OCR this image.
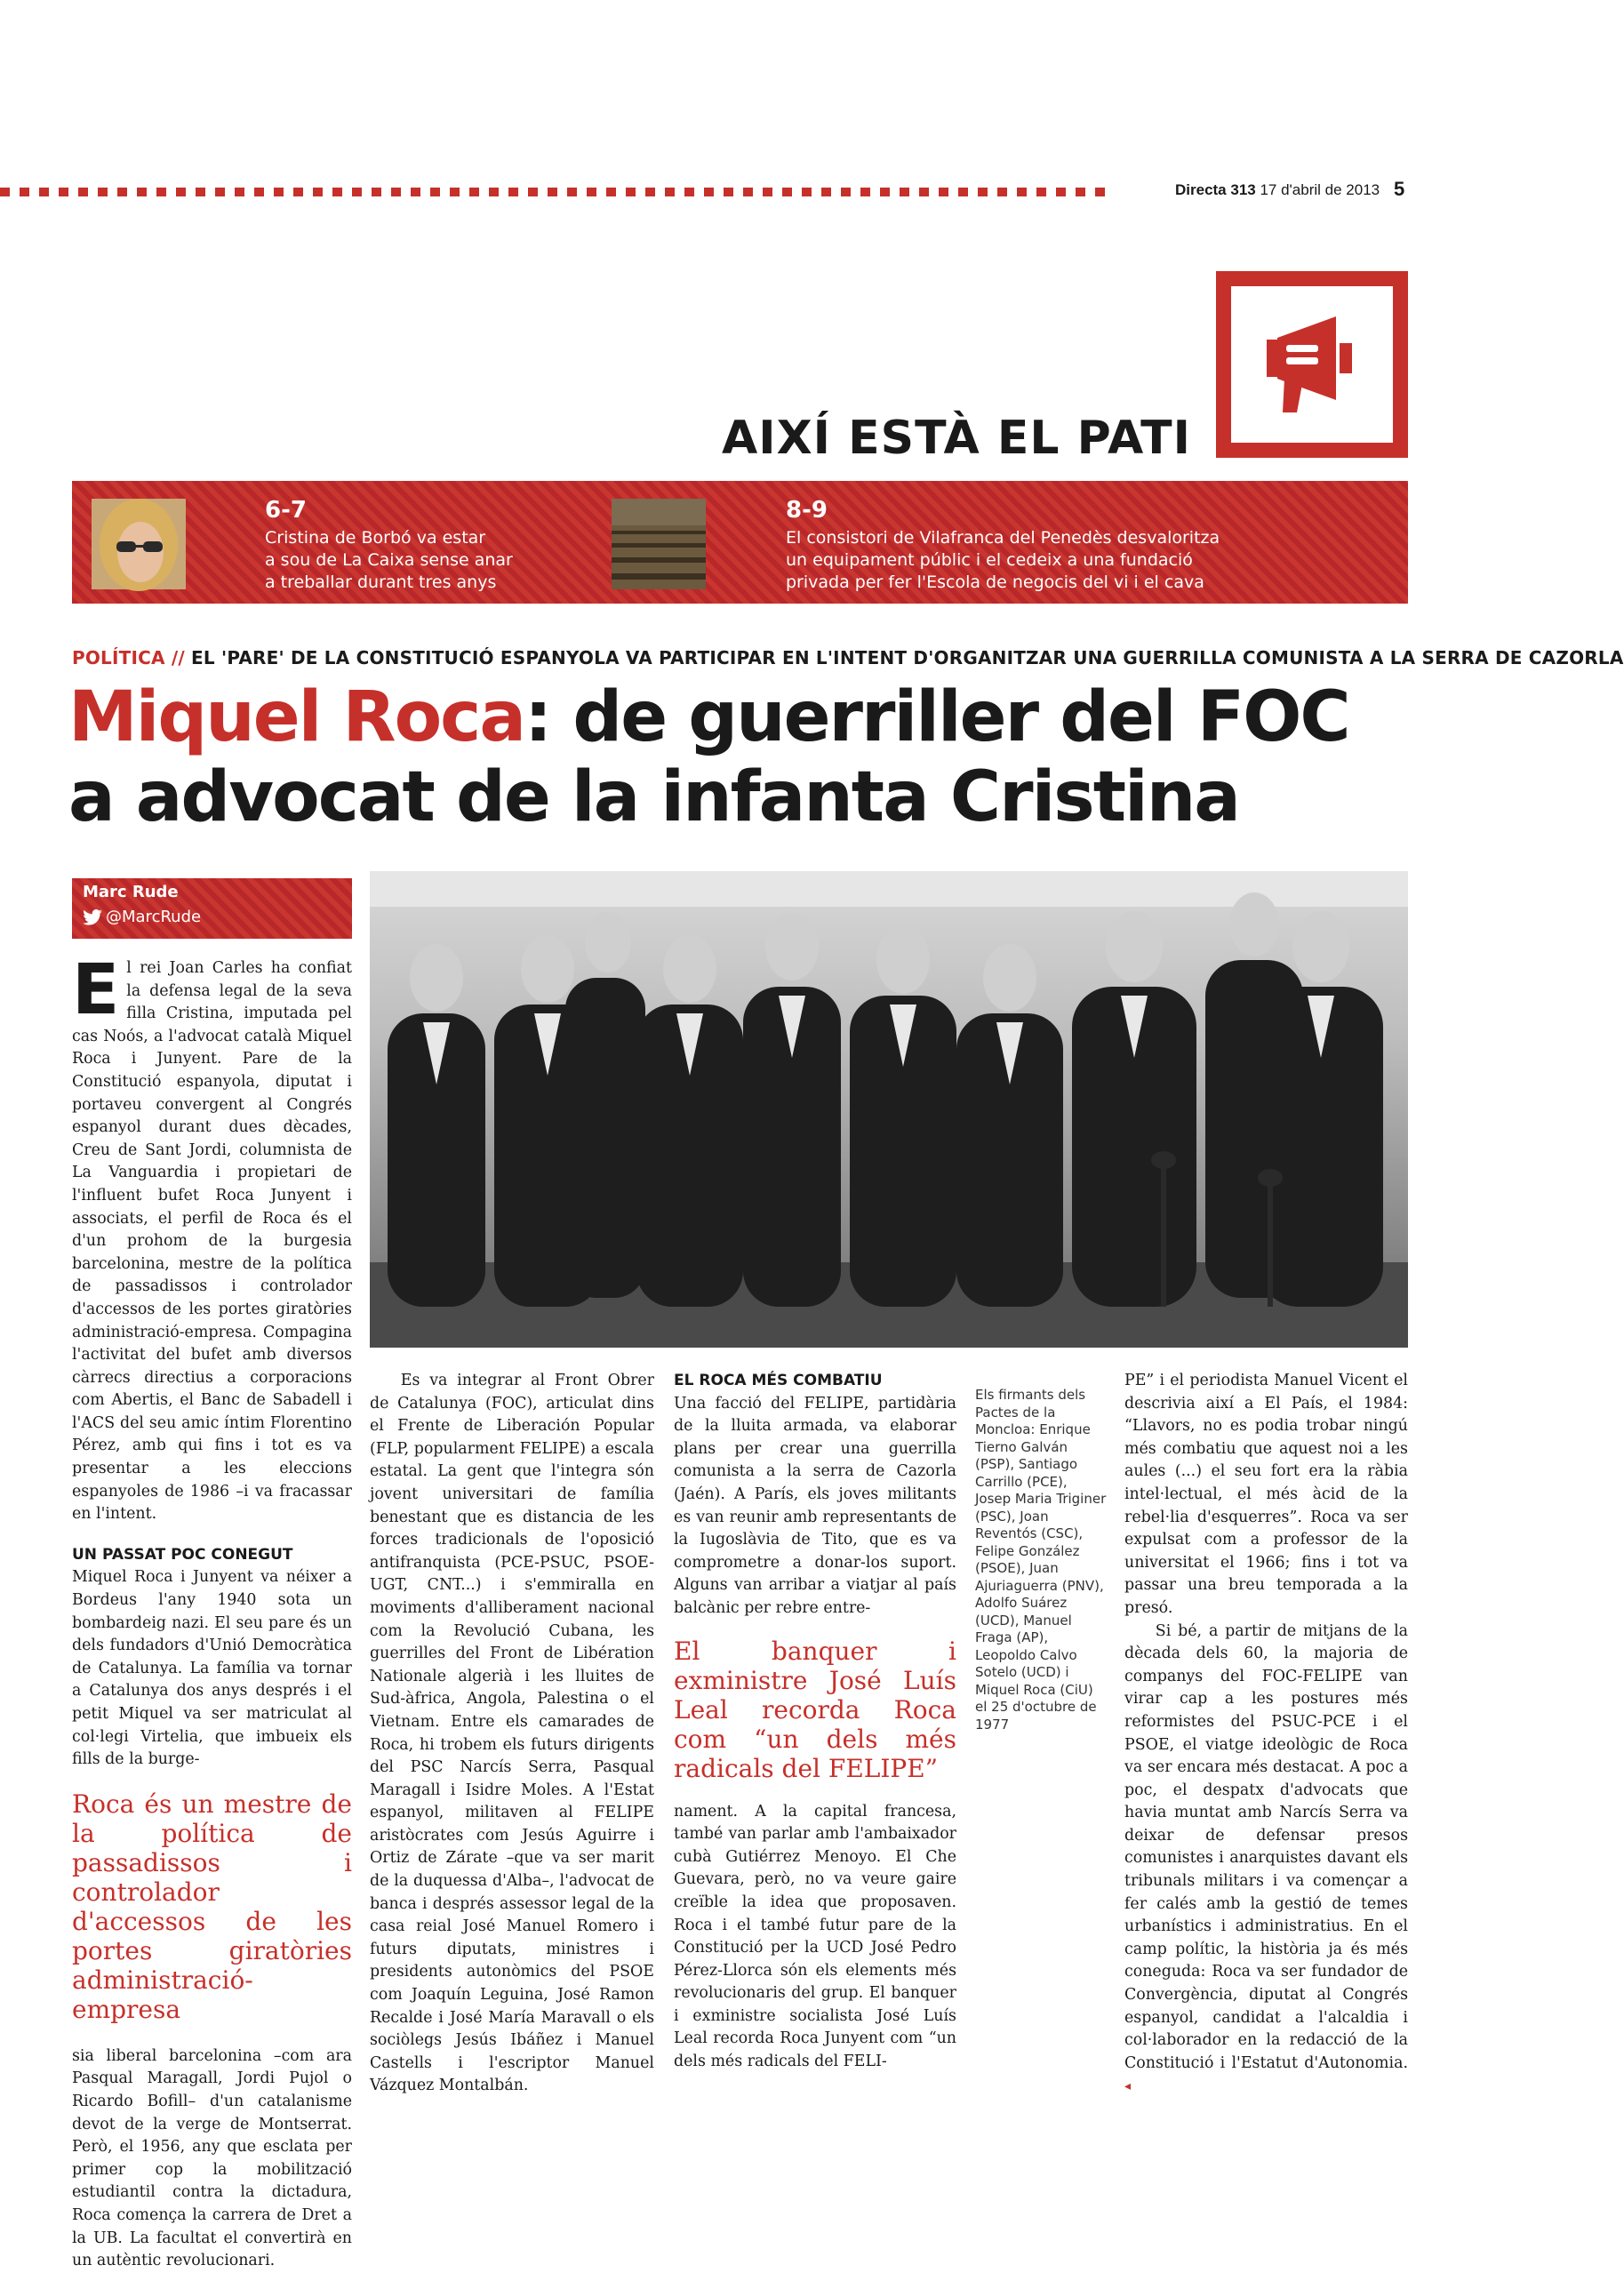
Directa 313 17 d'abril de 2013 5
AIXÍ ESTÀ EL PATI
6-7
Cristina de Borbó va estar
a sou de La Caixa sense anar
a treballar durant tres anys
8-9
El consistori de Vilafranca del Penedès desvaloritza
un equipament públic i el cedeix a una fundació
privada per fer l'Escola de negocis del vi i el cava
POLÍTICA // EL 'PARE' DE LA CONSTITUCIÓ ESPANYOLA VA PARTICIPAR EN L'INTENT D'ORGANITZAR UNA GUERRILLA COMUNISTA A LA SERRA DE CAZORLA
Miquel Roca: de guerriller del FOC
a advocat de la infanta Cristina
Marc Rude
@MarcRude

El rei Joan Carles ha confiat la defensa legal de la seva filla Cristina, imputada pel cas Noós, a l'advocat català Miquel Roca i Junyent. Pare de la Constitució espanyola, diputat i portaveu convergent al Congrés espanyol durant dues dècades, Creu de Sant Jordi, columnista de La Vanguardia i propietari de l'influent bufet Roca Junyent i associats, el perfil de Roca és el d'un prohom de la burgesia barcelonina, mestre de la política de passadissos i controlador d'accessos de les portes giratòries administració-empresa. Compagina l'activitat del bufet amb diversos càrrecs directius a corporacions com Abertis, el Banc de Sabadell i l'ACS del seu amic íntim Florentino Pérez, amb qui fins i tot es va presentar a les eleccions espanyoles de 1986 –i va fracassar en l'intent.

UN PASSAT POC CONEGUT

Miquel Roca i Junyent va néixer a Bordeus l'any 1940 sota un bombardeig nazi. El seu pare és un dels fundadors d'Unió Democràtica de Catalunya. La família va tornar a Catalunya dos anys després i el petit Miquel va ser matriculat al col·legi Virtelia, que imbueix els fills de la burge-

Roca és un mestre de la política de passadissos i controlador d'accessos de les portes giratòries administració-empresa

sia liberal barcelonina –com ara Pasqual Maragall, Jordi Pujol o Ricardo Bofill– d'un catalanisme devot de la verge de Montserrat. Però, el 1956, any que esclata per primer cop la mobilització estudiantil contra la dictadura, Roca comença la carrera de Dret a la UB. La facultat el convertirà en un autèntic revolucionari.

Es va integrar al Front Obrer de Catalunya (FOC), articulat dins el Frente de Liberación Popular (FLP, popularment FELIPE) a escala estatal. La gent que l'integra són jovent universitari de família benestant que es distancia de les forces tradicionals de l'oposició antifranquista (PCE-PSUC, PSOE-UGT, CNT...) i s'emmiralla en moviments d'alliberament nacional com la Revolució Cubana, les guerrilles del Front de Libération Nationale algerià i les lluites de Sud-àfrica, Angola, Palestina o el Vietnam. Entre els camarades de Roca, hi trobem els futurs dirigents del PSC Narcís Serra, Pasqual Maragall i Isidre Moles. A l'Estat espanyol, militaven al FELIPE aristòcrates com Jesús Aguirre i Ortiz de Zárate –que va ser marit de la duquessa d'Alba–, l'advocat de banca i després assessor legal de la casa reial José Manuel Romero i futurs diputats, ministres i presidents autonòmics del PSOE com Joaquín Leguina, José Ramon Recalde i José María Maravall o els sociòlegs Jesús Ibáñez i Manuel Castells i l'escriptor Manuel Vázquez Montalbán.

EL ROCA MÉS COMBATIU

Una facció del FELIPE, partidària de la lluita armada, va elaborar plans per crear una guerrilla comunista a la serra de Cazorla (Jaén). A París, els joves militants es van reunir amb representants de la Iugoslàvia de Tito, que es va comprometre a donar-los suport. Alguns van arribar a viatjar al país balcànic per rebre entre-

El banquer i exministre José Luís Leal recorda Roca com “un dels més radicals del FELIPE”

nament. A la capital francesa, també van parlar amb l'ambaixador cubà Gutiérrez Menoyo. El Che Guevara, però, no va veure gaire creïble la idea que proposaven. Roca i el també futur pare de la Constitució per la UCD José Pedro Pérez-Llorca són els elements més revolucionaris del grup. El banquer i exministre socialista José Luís Leal recorda Roca Junyent com “un dels més radicals del FELI-

Els firmants dels Pactes de la Moncloa: Enrique Tierno Galván (PSP), Santiago Carrillo (PCE), Josep Maria Triginer (PSC), Joan Reventós (CSC), Felipe González (PSOE), Juan Ajuriaguerra (PNV), Adolfo Suárez (UCD), Manuel Fraga (AP), Leopoldo Calvo Sotelo (UCD) i Miquel Roca (CiU) el 25 d'octubre de 1977

PE” i el periodista Manuel Vicent el descrivia així a El País, el 1984: “Llavors, no es podia trobar ningú més combatiu que aquest noi a les aules (...) el seu fort era la ràbia intel·lectual, el més àcid de la rebel·lia d'esquerres”. Roca va ser expulsat com a professor de la universitat el 1966; fins i tot va passar una breu temporada a la presó.

Si bé, a partir de mitjans de la dècada dels 60, la majoria de companys del FOC-FELIPE van virar cap a les postures més reformistes del PSUC-PCE i el PSOE, el viatge ideològic de Roca va ser encara més destacat. A poc a poc, el despatx d'advocats que havia muntat amb Narcís Serra va deixar de defensar presos comunistes i anarquistes davant els tribunals militars i va començar a fer calés amb la gestió de temes urbanístics i administratius. En el camp polític, la història ja és més coneguda: Roca va ser fundador de Convergència, diputat al Congrés espanyol, candidat a l'alcaldia i col·laborador en la redacció de la Constitució i l'Estatut d'Autonomia. ◂
